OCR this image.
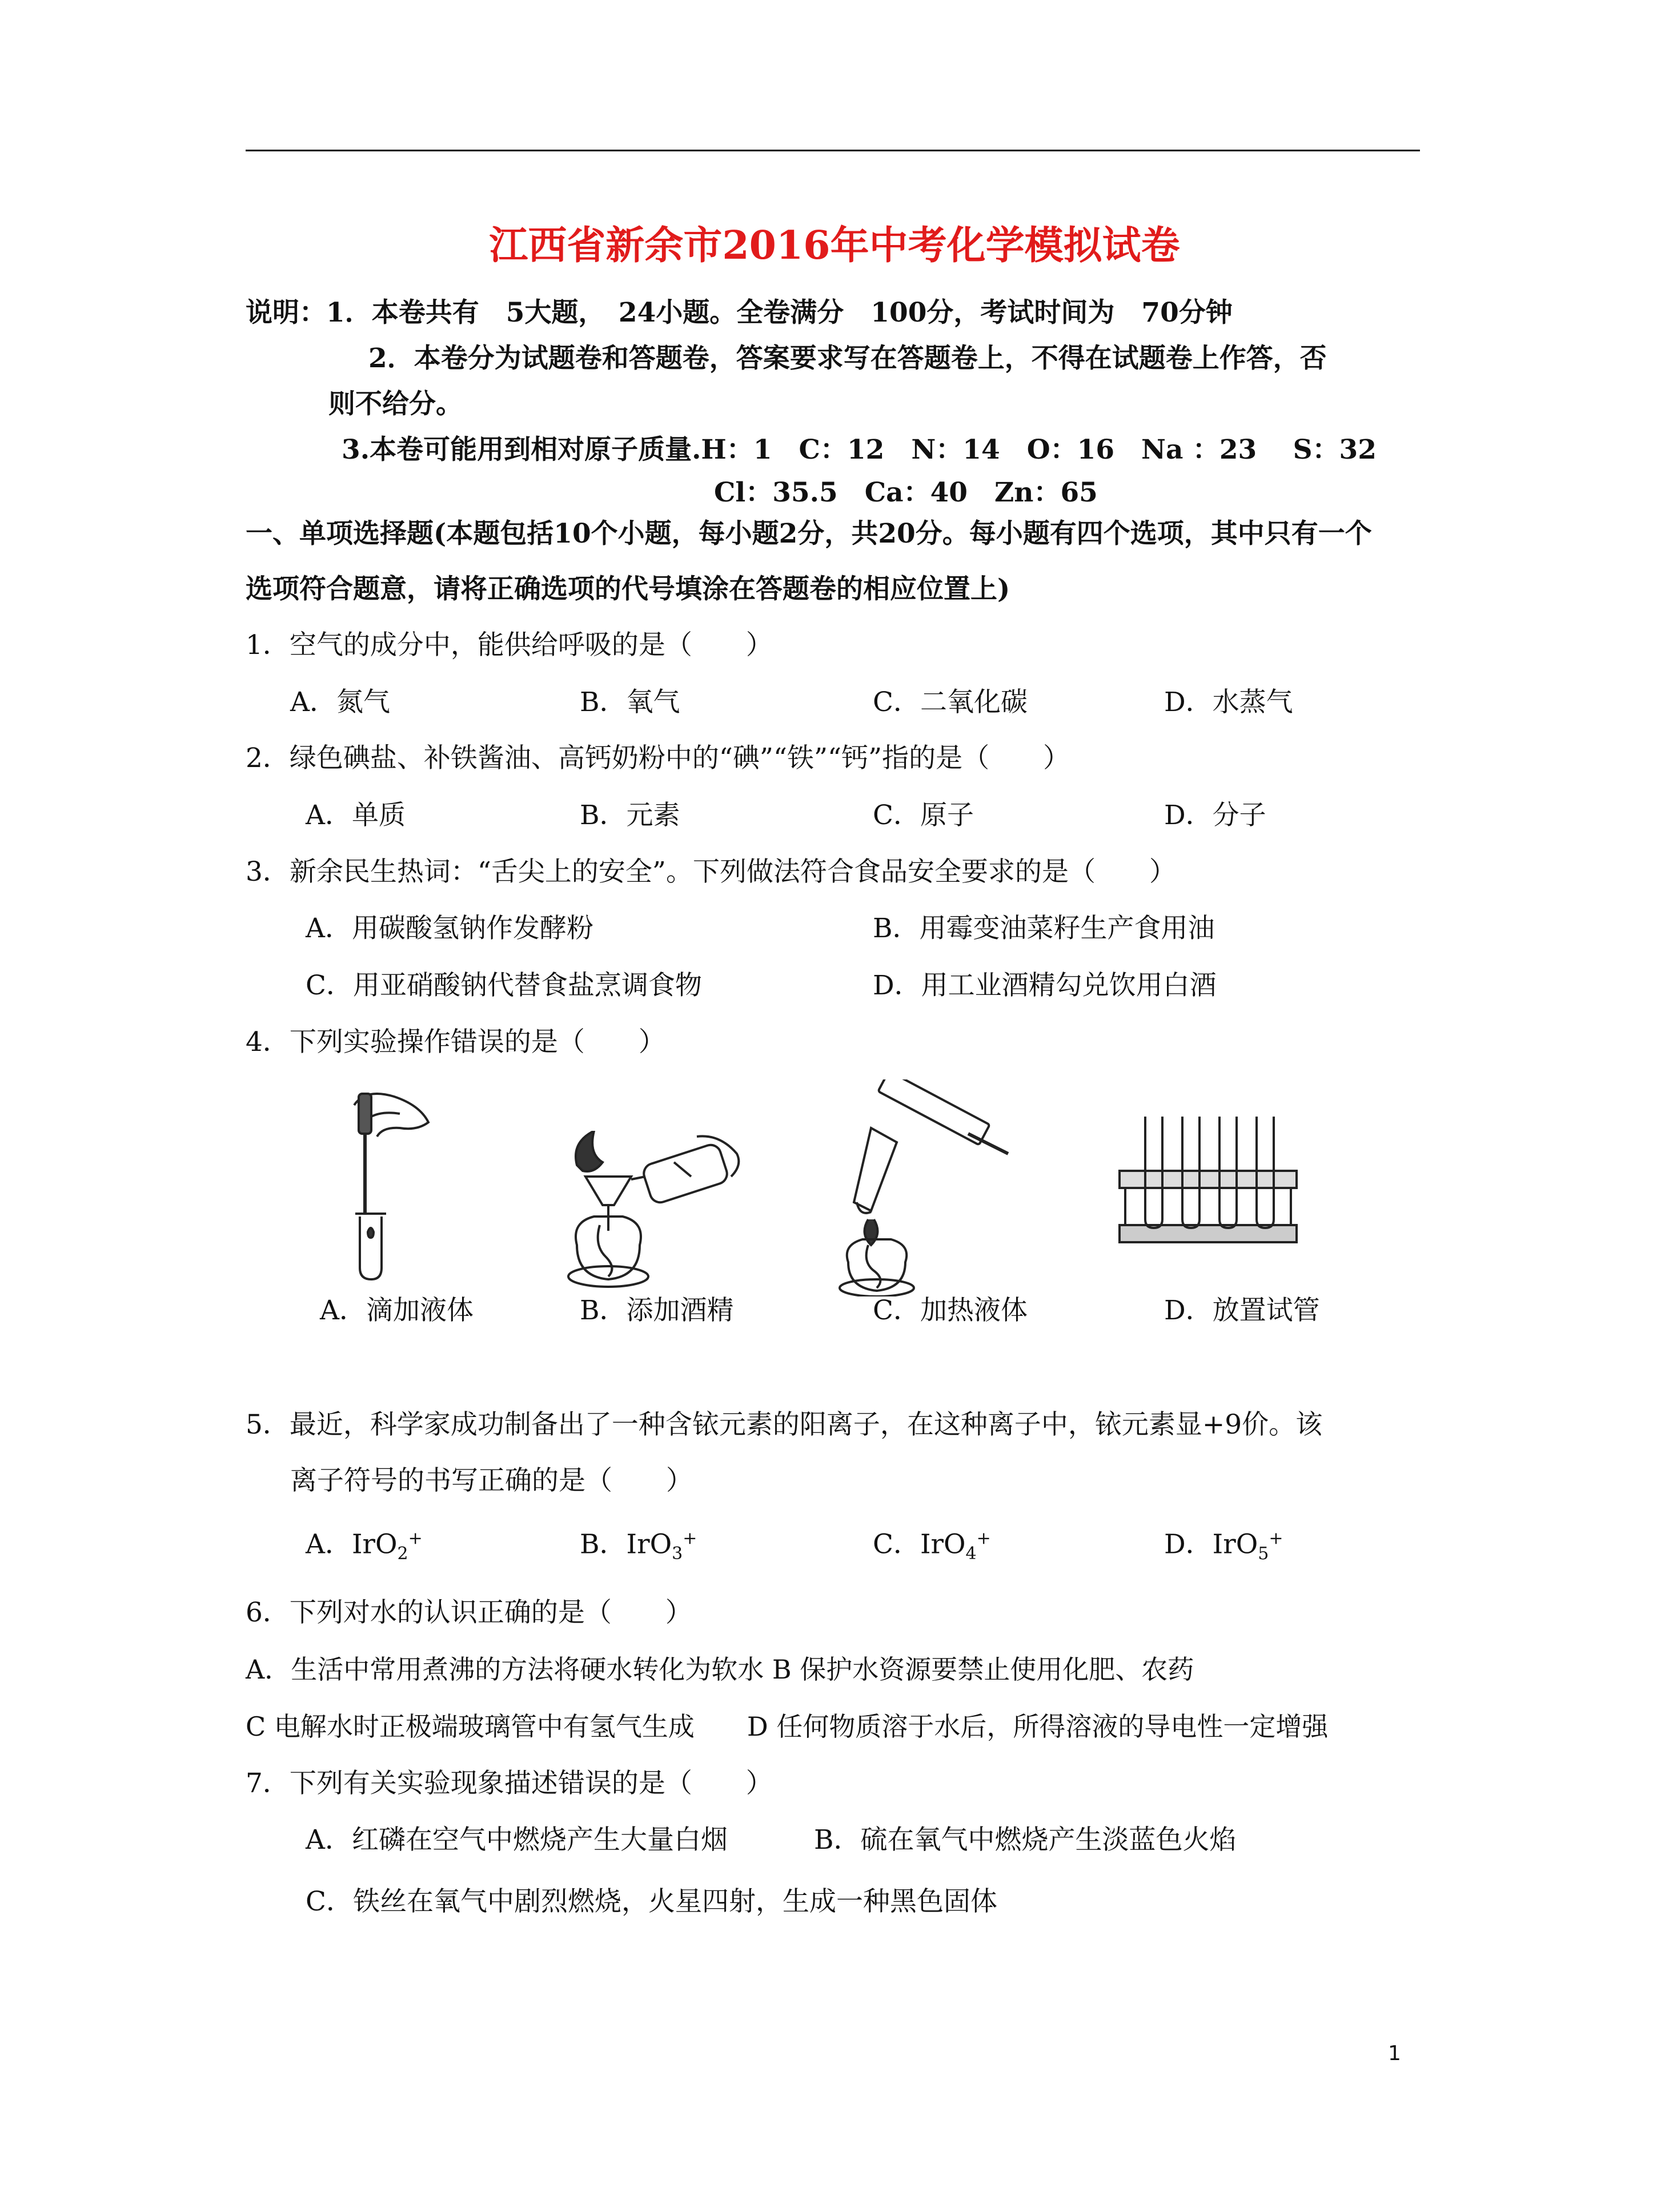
江西省新余市2016年中考化学模拟试卷
说明：1．本卷共有　5大题，　24小题。全卷满分　100分，考试时间为　70分钟
2．本卷分为试题卷和答题卷，答案要求写在答题卷上，不得在试题卷上作答，否
则不给分。
3.本卷可能用到相对原子质量.H：1　C：12　N：14　O：16　Na ：23　 S：32
Cl：35.5　Ca：40　Zn：65
一、单项选择题(本题包括10个小题，每小题2分，共20分。每小题有四个选项，其中只有一个
选项符合题意，请将正确选项的代号填涂在答题卷的相应位置上)
1．空气的成分中，能供给呼吸的是（　　）
A．氮气	B．氧气	C．二氧化碳	D．水蒸气
2．绿色碘盐、补铁酱油、高钙奶粉中的“碘”“铁”“钙”指的是（　　）
A．单质	B．元素	C．原子	D．分子
3．新余民生热词：“舌尖上的安全”。下列做法符合食品安全要求的是（　　）
A．用碳酸氢钠作发酵粉	B．用霉变油菜籽生产食用油
C．用亚硝酸钠代替食盐烹调食物	D．用工业酒精勾兑饮用白酒
4．下列实验操作错误的是（　　）
A．滴加液体	B．添加酒精	C．加热液体	D．放置试管
5．最近，科学家成功制备出了一种含铱元素的阳离子，在这种离子中，铱元素显+9价。该
离子符号的书写正确的是（　　）
A．IrO$_2$+	B．IrO$_3$+	C．IrO$_4$+	D．IrO$_5$+
6．下列对水的认识正确的是（　　）
A．生活中常用煮沸的方法将硬水转化为软水 B 保护水资源要禁止使用化肥、农药
C 电解水时正极端玻璃管中有氢气生成　　D 任何物质溶于水后，所得溶液的导电性一定增强
7．下列有关实验现象描述错误的是（　　）
A．红磷在空气中燃烧产生大量白烟	B．硫在氧气中燃烧产生淡蓝色火焰
C．铁丝在氧气中剧烈燃烧，火星四射，生成一种黑色固体
1
